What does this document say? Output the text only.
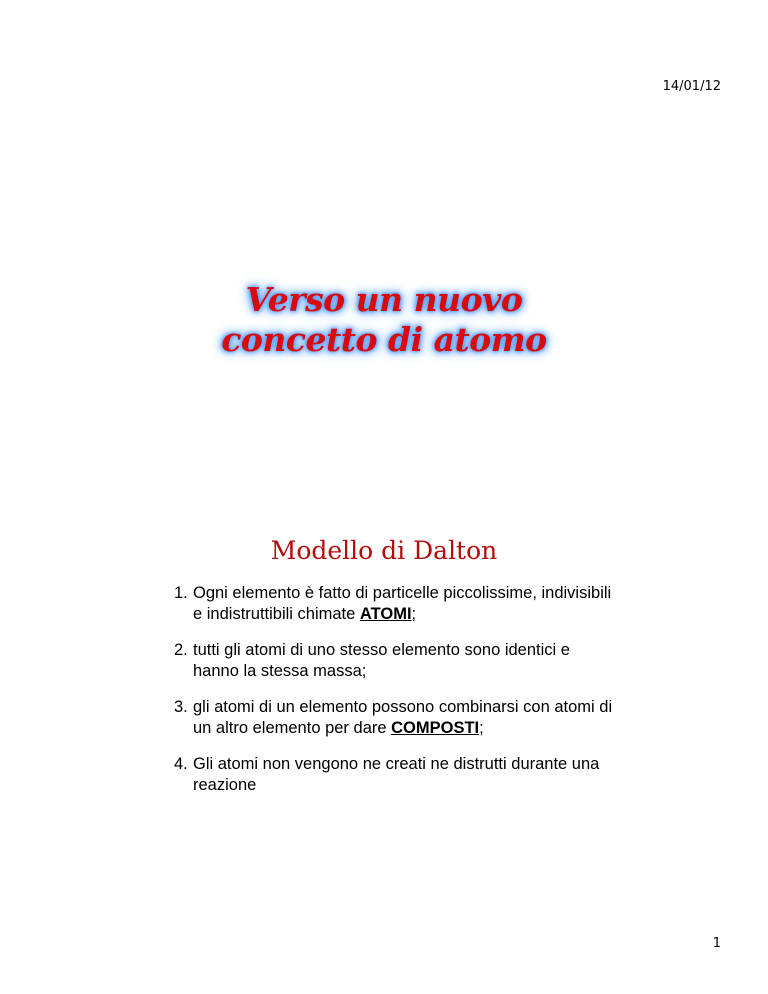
14/01/12
Verso un nuovo
concetto di atomo
Modello di Dalton
1. Ogni elemento è fatto di particelle piccolissime, indivisibili e indistruttibili chimate ATOMI;
2. tutti gli atomi di uno stesso elemento sono identici e hanno la stessa massa;
3. gli atomi di un elemento possono combinarsi con atomi di un altro elemento per dare COMPOSTI;
4. Gli atomi non vengono ne creati ne distrutti durante una reazione
1
